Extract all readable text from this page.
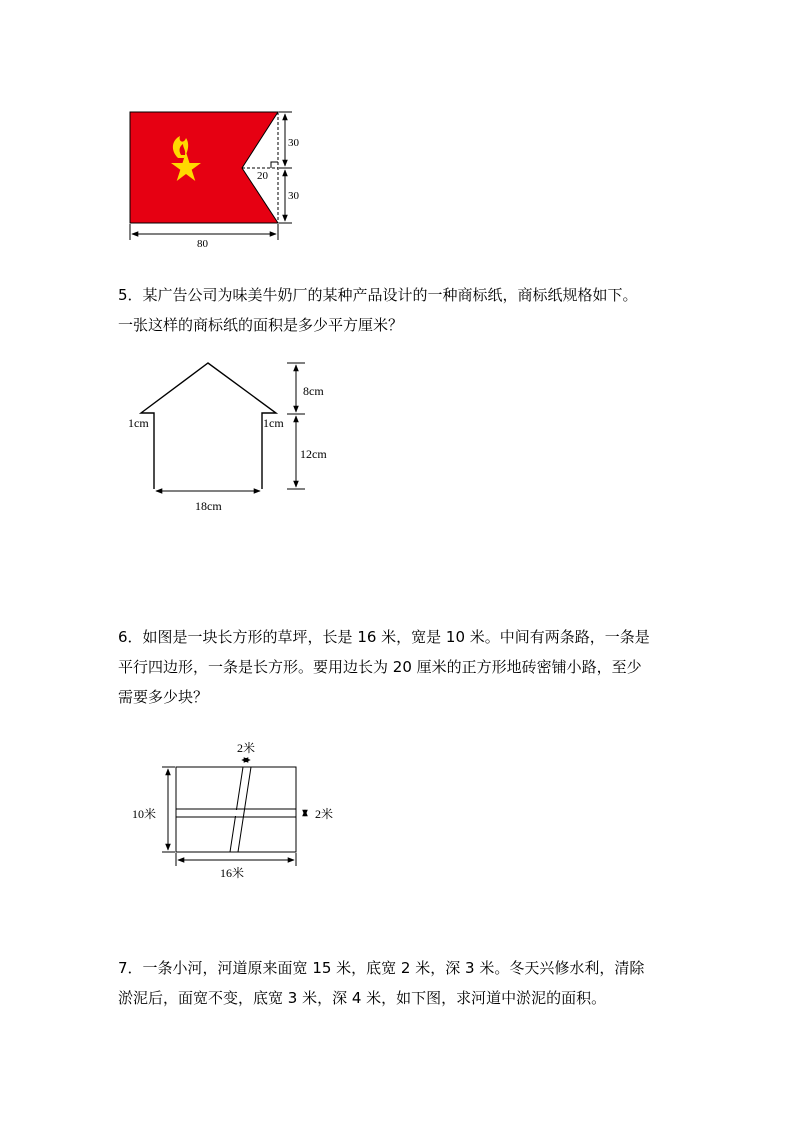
30
30
20
80

5．某广告公司为味美牛奶厂的某种产品设计的一种商标纸，商标纸规格如下。

一张这样的商标纸的面积是多少平方厘米？

8cm
12cm
1cm	1cm
18cm

6．如图是一块长方形的草坪，长是 16 米，宽是 10 米。中间有两条路，一条是

平行四边形，一条是长方形。要用边长为 20 厘米的正方形地砖密铺小路，至少

需要多少块？

2米
2米
10米
16米

7．一条小河，河道原来面宽 15 米，底宽 2 米，深 3 米。冬天兴修水利，清除

淤泥后，面宽不变，底宽 3 米，深 4 米，如下图，求河道中淤泥的面积。
